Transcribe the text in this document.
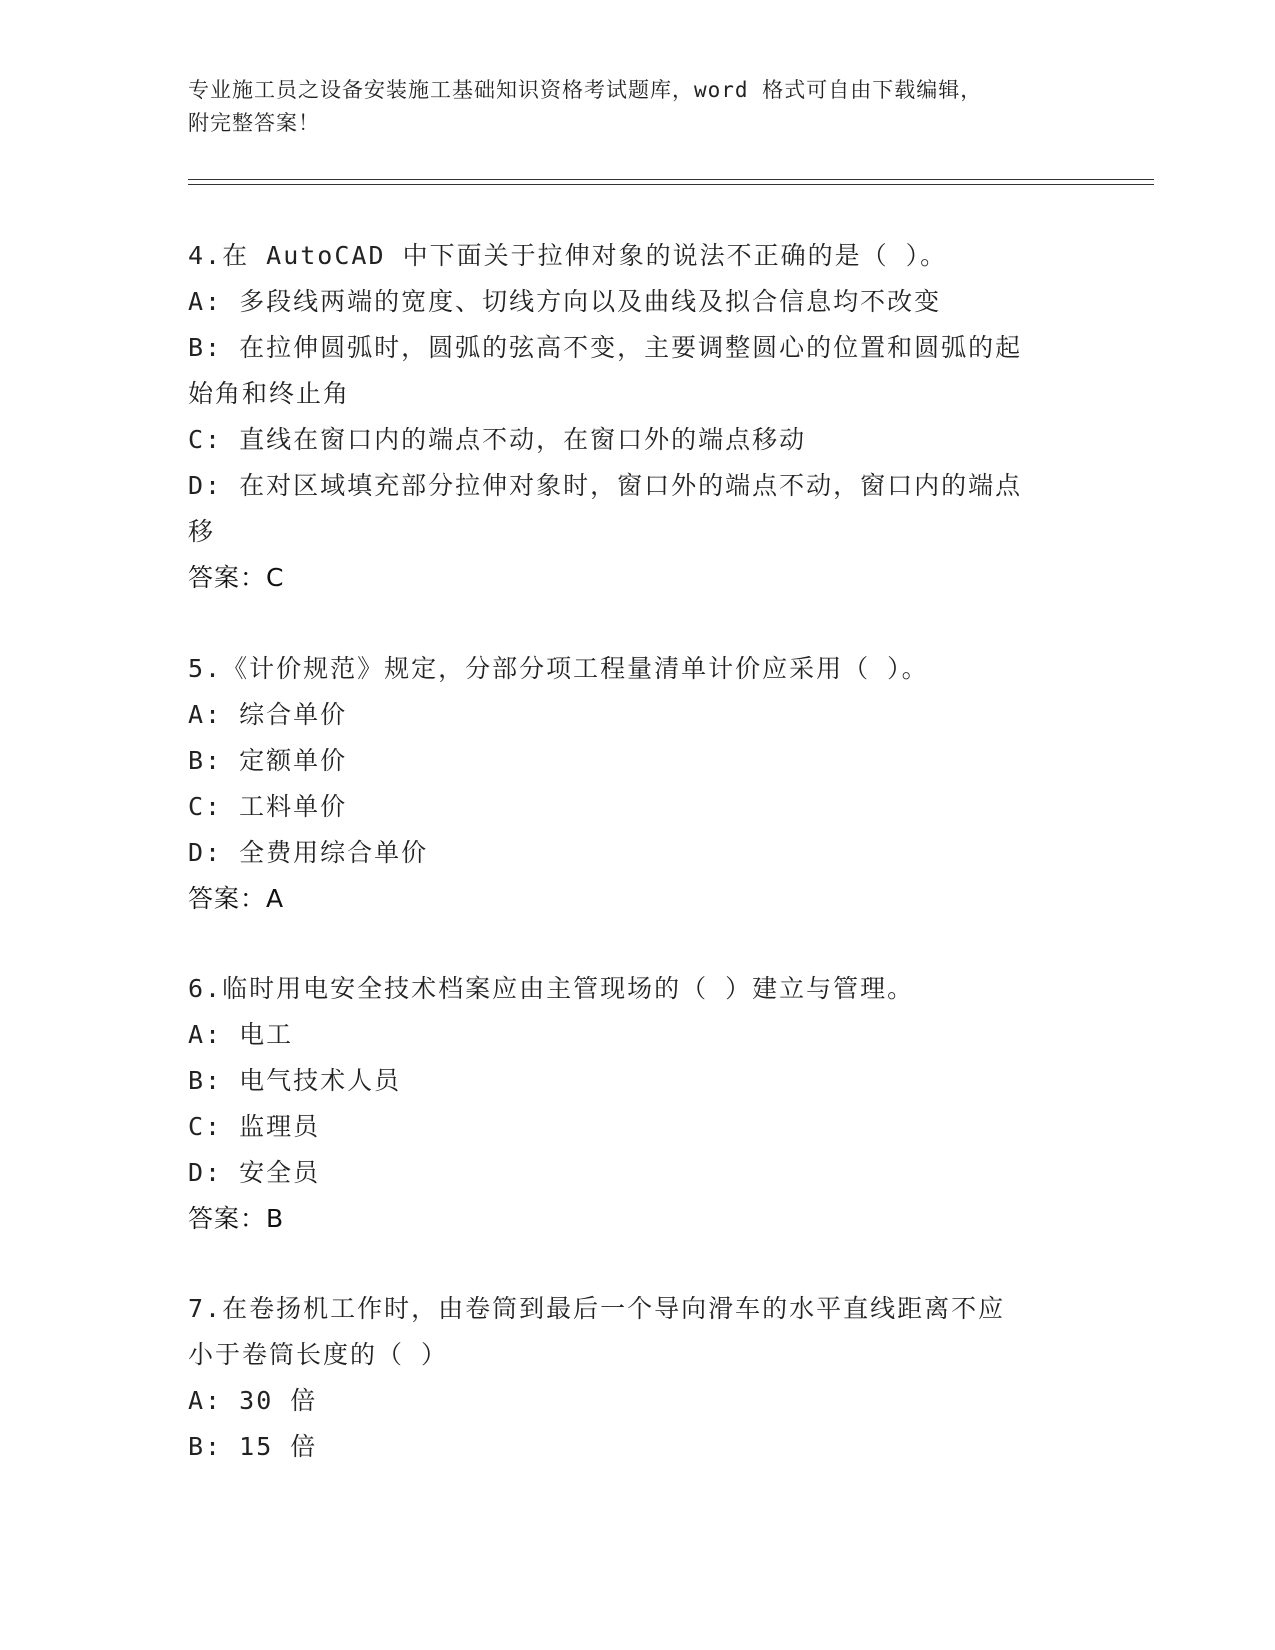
专业施工员之设备安装施工基础知识资格考试题库，word 格式可自由下载编辑，
附完整答案！
4.在 AutoCAD 中下面关于拉伸对象的说法不正确的是（ ）。
A: 多段线两端的宽度、切线方向以及曲线及拟合信息均不改变
B: 在拉伸圆弧时，圆弧的弦高不变，主要调整圆心的位置和圆弧的起
始角和终止角
C: 直线在窗口内的端点不动，在窗口外的端点移动
D: 在对区域填充部分拉伸对象时，窗口外的端点不动，窗口内的端点
移
答案：C
5.《计价规范》规定，分部分项工程量清单计价应采用（ ）。
A: 综合单价
B: 定额单价
C: 工料单价
D: 全费用综合单价
答案：A
6.临时用电安全技术档案应由主管现场的（ ）建立与管理。
A: 电工
B: 电气技术人员
C: 监理员
D: 安全员
答案：B
7.在卷扬机工作时，由卷筒到最后一个导向滑车的水平直线距离不应
小于卷筒长度的（ ）
A: 30 倍
B: 15 倍
